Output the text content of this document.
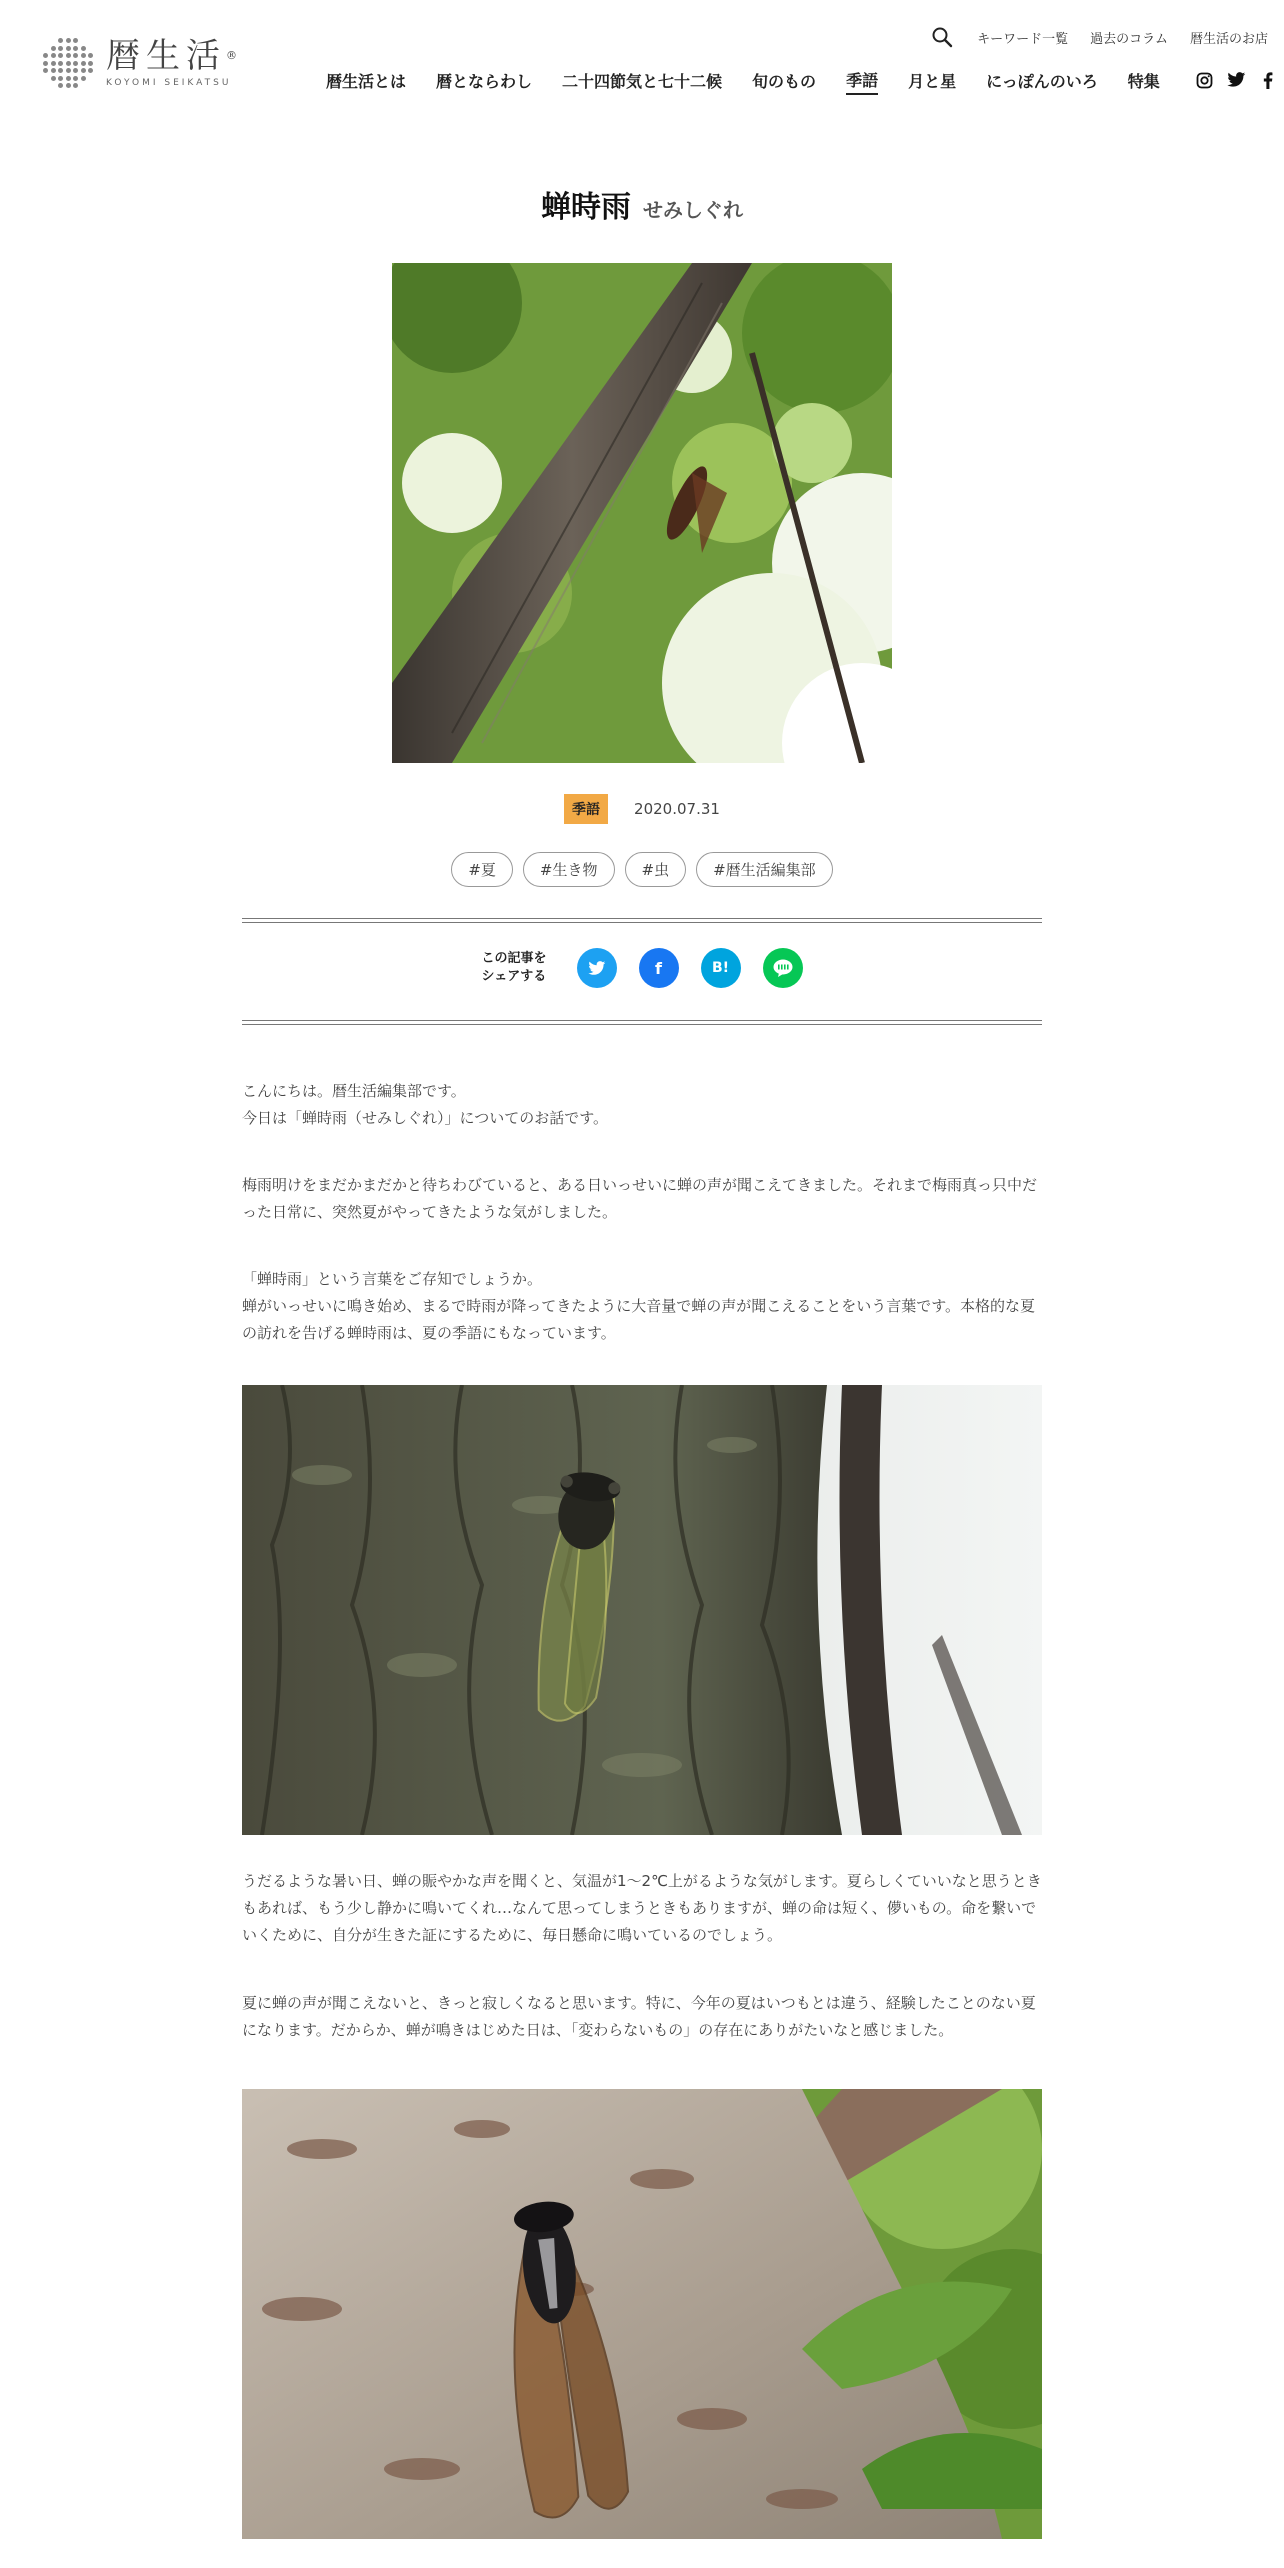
暦生活®
KOYOMI SEIKATSU
キーワード一覧 過去のコラム 暦生活のお店
暦生活とは 暦とならわし 二十四節気と七十二候 旬のもの 季語 月と星 にっぽんのいろ 特集
蝉時雨 せみしぐれ
季語	2020.07.31
#夏	#生き物	#虫	#暦生活編集部
この記事を
シェアする	f	B!
こんにちは。暦生活編集部です。
今日は「蝉時雨（せみしぐれ）」についてのお話です。
梅雨明けをまだかまだかと待ちわびていると、ある日いっせいに蝉の声が聞こえてきました。それまで梅雨真っ只中だった日常に、突然夏がやってきたような気がしました。
「蝉時雨」という言葉をご存知でしょうか。
蝉がいっせいに鳴き始め、まるで時雨が降ってきたように大音量で蝉の声が聞こえることをいう言葉です。本格的な夏の訪れを告げる蝉時雨は、夏の季語にもなっています。
うだるような暑い日、蝉の賑やかな声を聞くと、気温が1～2℃上がるような気がします。夏らしくていいなと思うときもあれば、もう少し静かに鳴いてくれ…なんて思ってしまうときもありますが、蝉の命は短く、儚いもの。命を繋いでいくために、自分が生きた証にするために、毎日懸命に鳴いているのでしょう。
夏に蝉の声が聞こえないと、きっと寂しくなると思います。特に、今年の夏はいつもとは違う、経験したことのない夏になります。だからか、蝉が鳴きはじめた日は、「変わらないもの」の存在にありがたいなと感じました。
